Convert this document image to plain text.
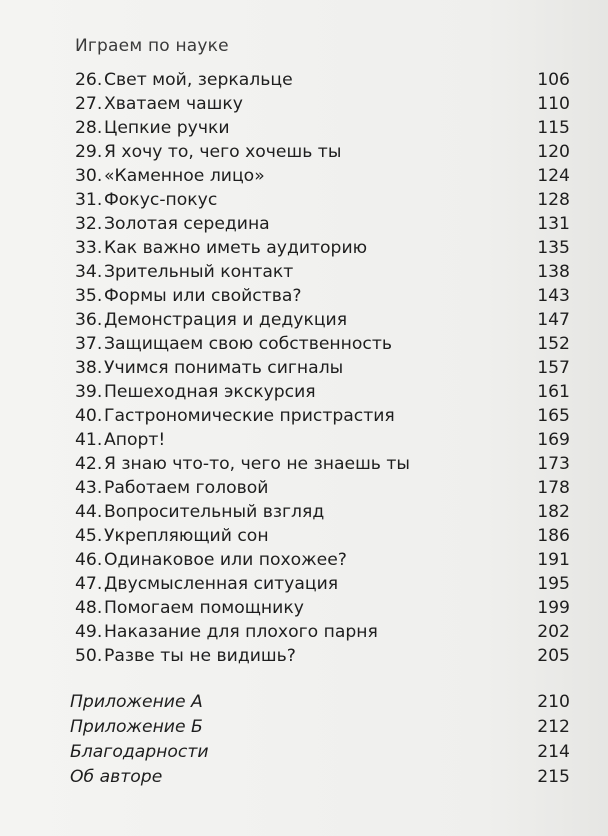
Играем по науке
26. Свет мой, зеркальце	106
27. Хватаем чашку	110
28. Цепкие ручки	115
29. Я хочу то, чего хочешь ты	120
30. «Каменное лицо»	124
31. Фокус-покус	128
32. Золотая середина	131
33. Как важно иметь аудиторию	135
34. Зрительный контакт	138
35. Формы или свойства?	143
36. Демонстрация и дедукция	147
37. Защищаем свою собственность	152
38. Учимся понимать сигналы	157
39. Пешеходная экскурсия	161
40. Гастрономические пристрастия	165
41. Апорт!	169
42. Я знаю что-то, чего не знаешь ты	173
43. Работаем головой	178
44. Вопросительный взгляд	182
45. Укрепляющий сон	186
46. Одинаковое или похожее?	191
47. Двусмысленная ситуация	195
48. Помогаем помощнику	199
49. Наказание для плохого парня	202
50. Разве ты не видишь?	205
Приложение А	210
Приложение Б	212
Благодарности	214
Об авторе	215
